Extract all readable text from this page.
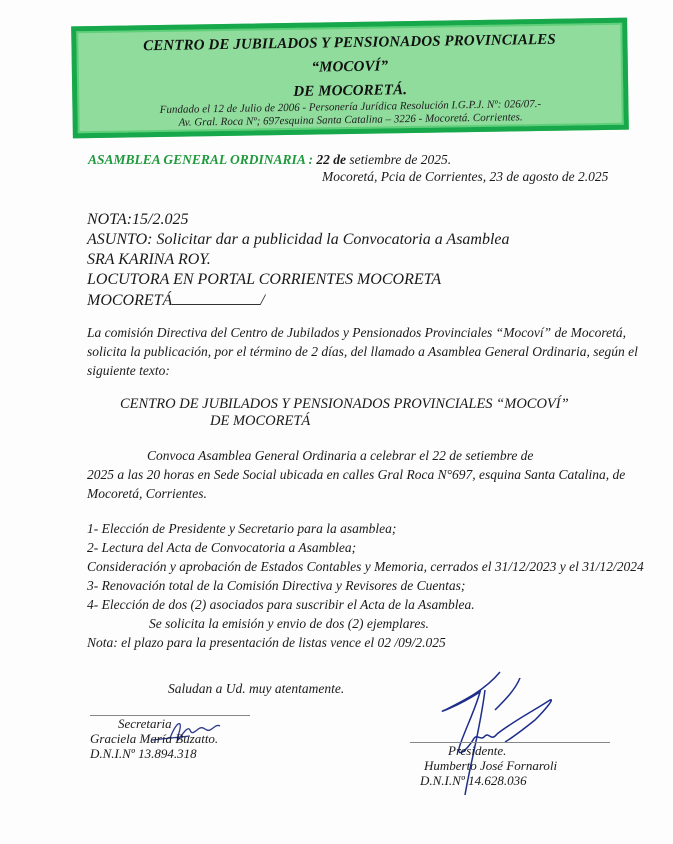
CENTRO DE JUBILADOS Y PENSIONADOS PROVINCIALES
“MOCOVÍ”
DE MOCORETÁ.
Fundado el 12 de Julio de 2006 - Personería Jurídica Resolución I.G.P.J. Nº: 026/07.-
Av. Gral. Roca Nº; 697esquina Santa Catalina – 3226 - Mocoretá. Corrientes.
ASAMBLEA GENERAL ORDINARIA : 22 de setiembre de 2025.
Mocoretá, Pcia de Corrientes, 23 de agosto de 2.025
NOTA:15/2.025
ASUNTO: Solicitar dar a publicidad la Convocatoria a Asamblea
SRA KARINA ROY.
LOCUTORA EN PORTAL CORRIENTES MOCORETA
MOCORETÁ	/
La comisión Directiva del Centro de Jubilados y Pensionados Provinciales “Mocoví” de Mocoretá, solicita la publicación, por el término de 2 días, del llamado a Asamblea General Ordinaria, según el siguiente texto:
CENTRO DE JUBILADOS Y PENSIONADOS PROVINCIALES “MOCOVÍ”
DE MOCORETÁ
Convoca Asamblea General Ordinaria a celebrar el 22 de setiembre de
2025 a las 20 horas en Sede Social ubicada en calles Gral Roca N°697, esquina Santa Catalina, de Mocoretá, Corrientes.
1- Elección de Presidente y Secretario para la asamblea;
2- Lectura del Acta de Convocatoria a Asamblea;
Consideración y aprobación de Estados Contables y Memoria, cerrados el 31/12/2023 y el 31/12/2024
3- Renovación total de la Comisión Directiva y Revisores de Cuentas;
4- Elección de dos (2) asociados para suscribir el Acta de la Asamblea.
Se solicita la emisión y envio de dos (2) ejemplares.
Nota: el plazo para la presentación de listas vence el 02 /09/2.025
Saludan a Ud. muy atentamente.
Secretaria
Graciela María Buzatto.
D.N.I.Nº 13.894.318	Presidente.
Humberto José Fornaroli
D.N.I.Nº 14.628.036
